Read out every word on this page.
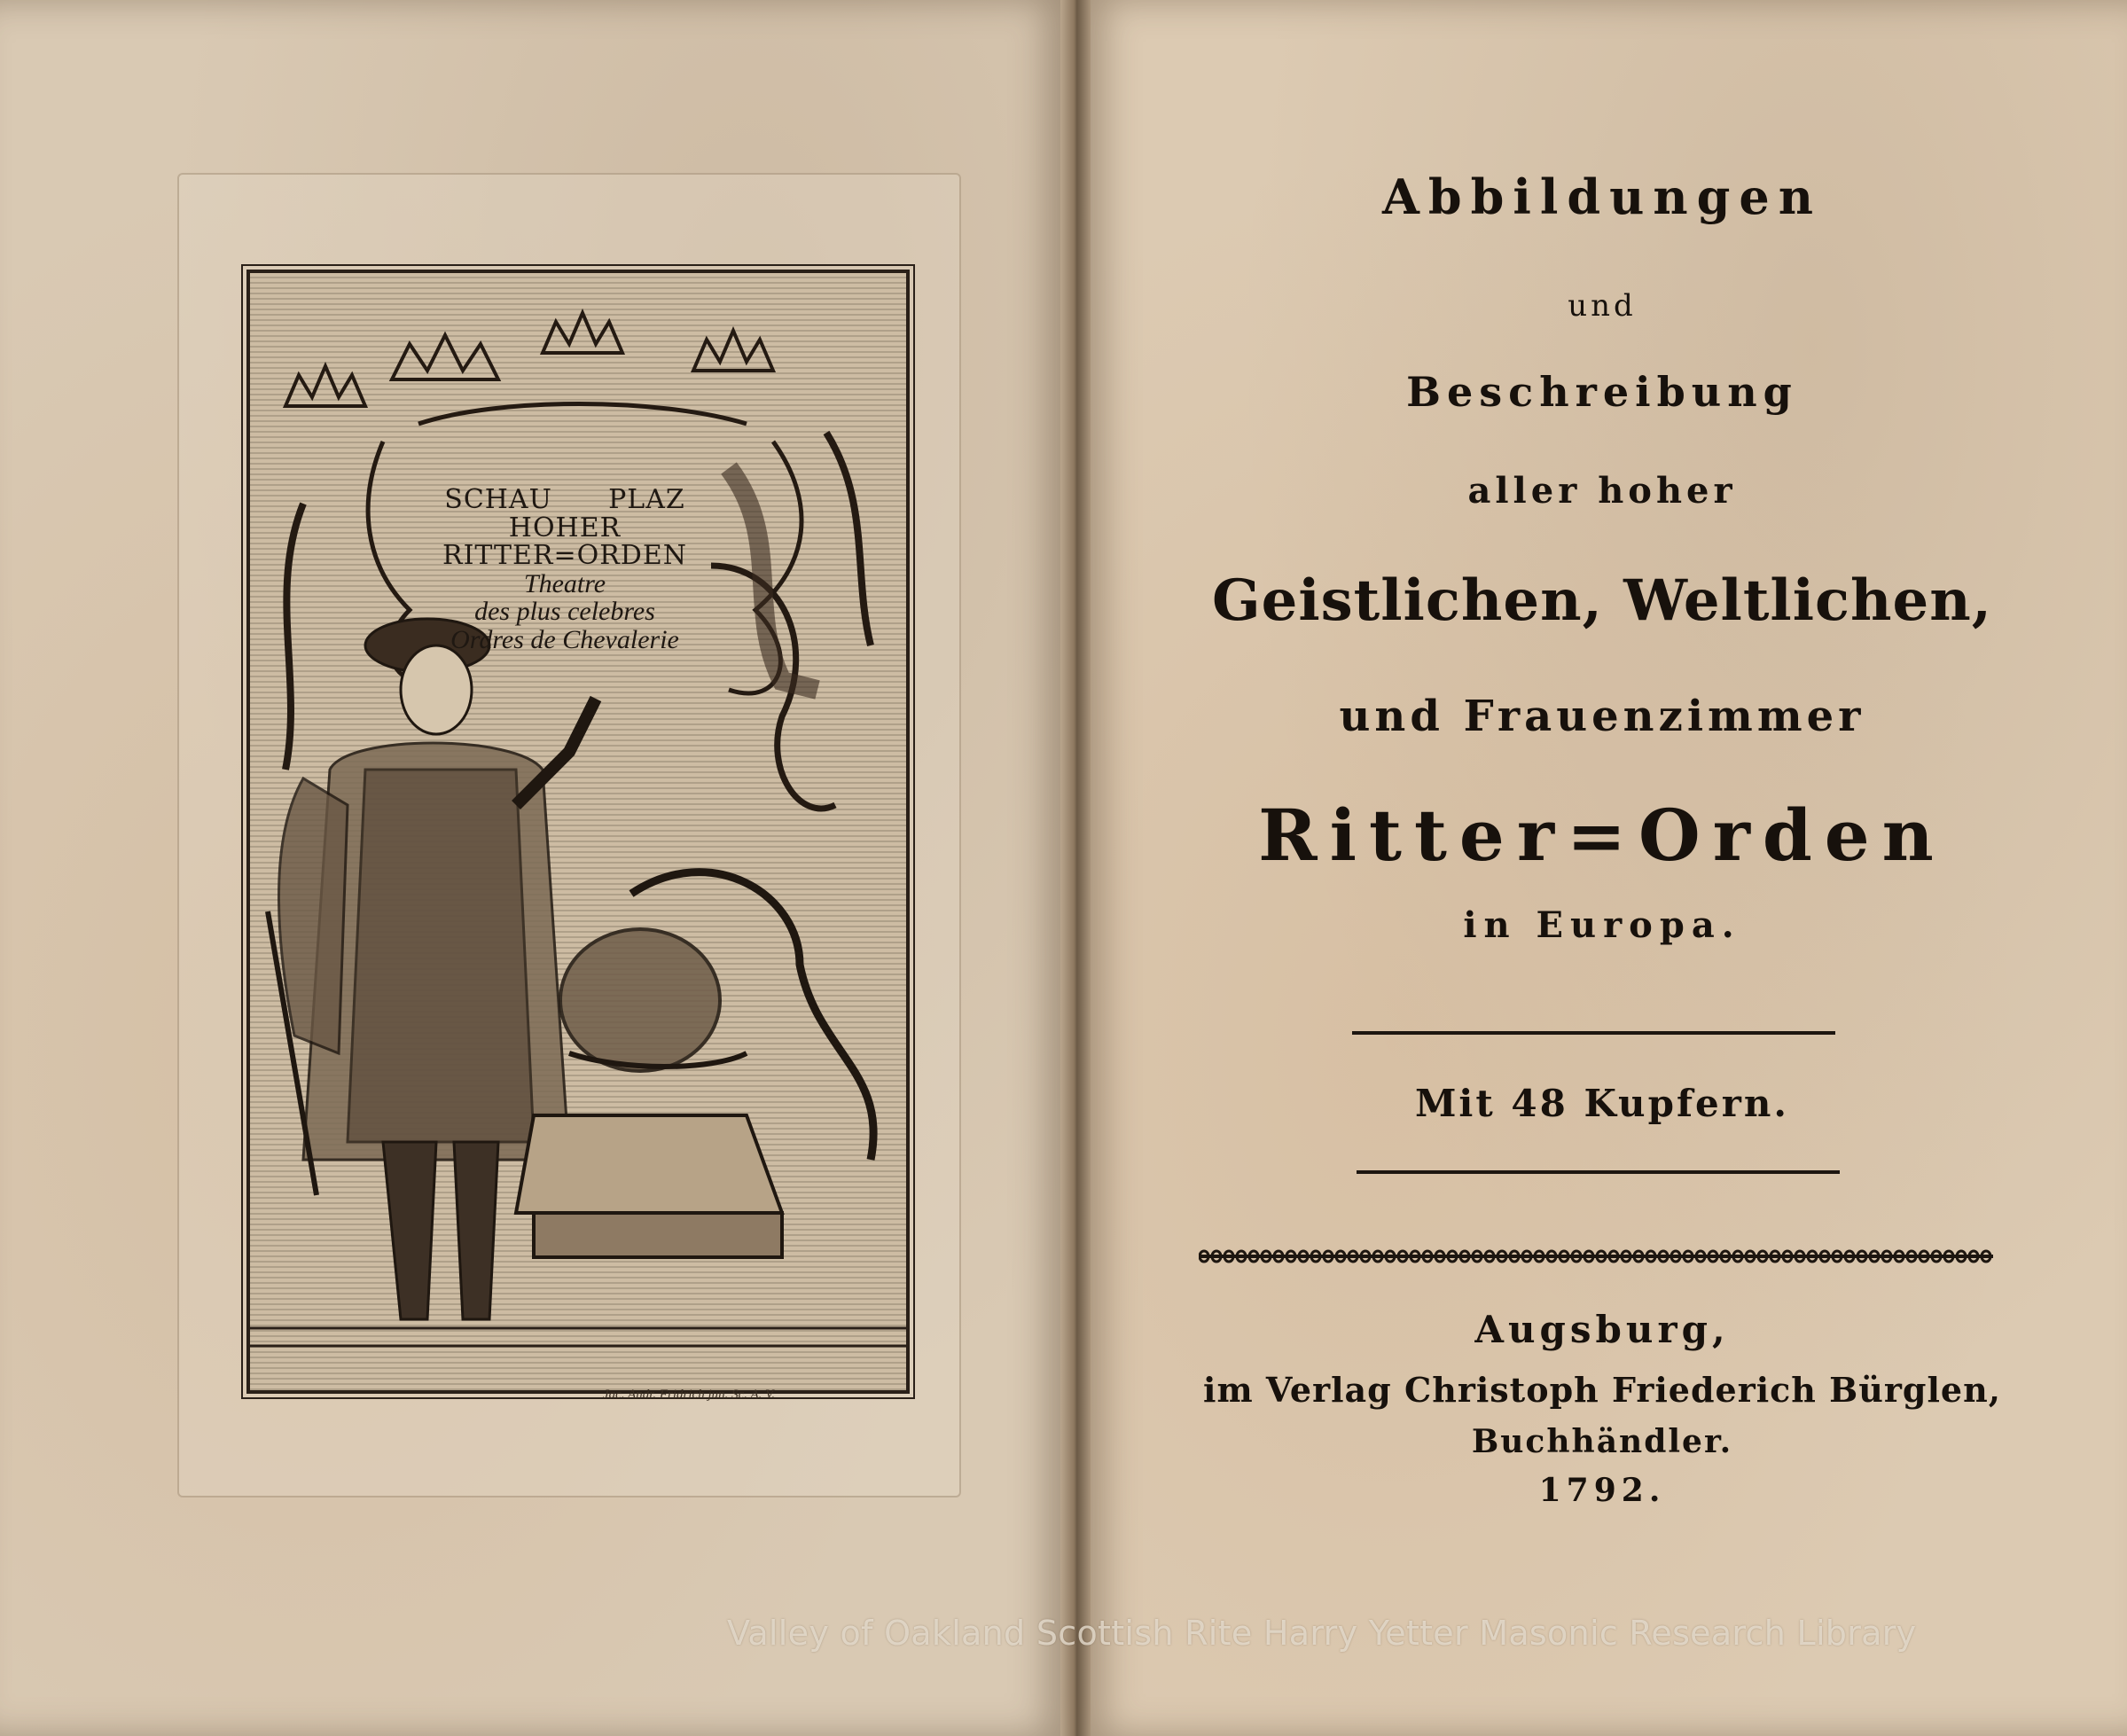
SCHAU PLAZ
HOHER
RITTER=ORDEN
Theatre
des plus celebres
Ordres de Chevalerie
Jac. Andr. Fridrich jun. Sc. A. V.
Abbildungen
und
Beschreibung
aller hoher
Geistlichen, Weltlichen,
und Frauenzimmer
Ritter=Orden
in Europa.
Mit 48 Kupfern.
Augsburg,
im Verlag Christoph Friederich Bürglen,
Buchhändler.
1792.
Valley of Oakland Scottish Rite Harry Yetter Masonic Research Library
